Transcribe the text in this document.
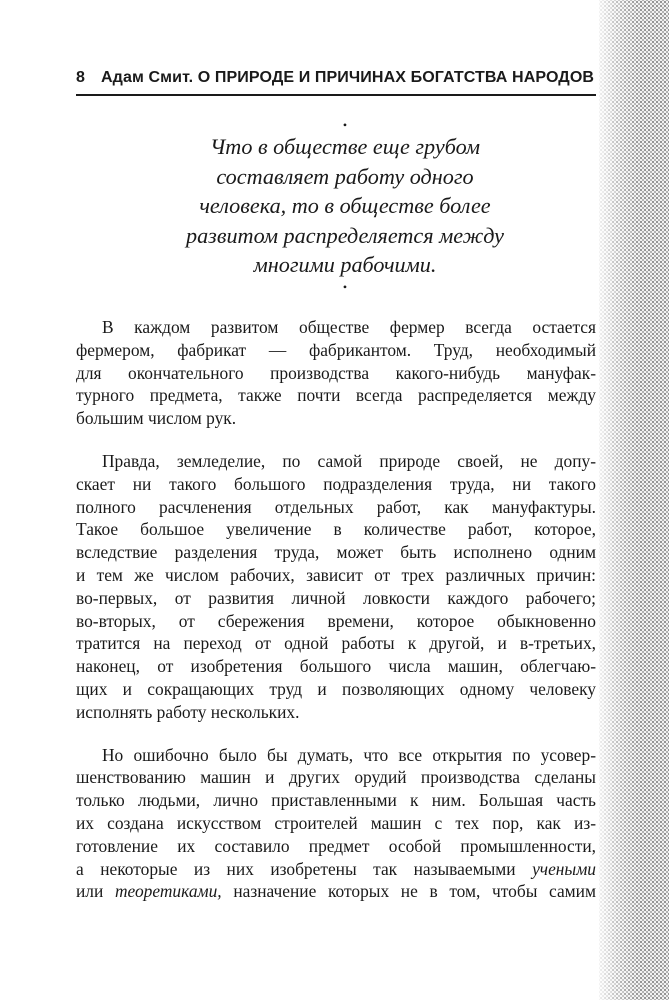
8 Адам Смит. О ПРИРОДЕ И ПРИЧИНАХ БОГАТСТВА НАРОДОВ
•
Что в обществе еще грубом
составляет работу одного
человека, то в обществе более
развитом распределяется между
многими рабочими.
•
В каждом развитом обществе фермер всегда остается
фермером, фабрикат — фабрикантом. Труд, необходимый
для окончательного производства какого-нибудь мануфак-
турного предмета, также почти всегда распределяется между
большим числом рук.
Правда, земледелие, по самой природе своей, не допу-
скает ни такого большого подразделения труда, ни такого
полного расчленения отдельных работ, как мануфактуры.
Такое большое увеличение в количестве работ, которое,
вследствие разделения труда, может быть исполнено одним
и тем же числом рабочих, зависит от трех различных причин:
во-первых, от развития личной ловкости каждого рабочего;
во-вторых, от сбережения времени, которое обыкновенно
тратится на переход от одной работы к другой, и в-третьих,
наконец, от изобретения большого числа машин, облегчаю-
щих и сокращающих труд и позволяющих одному человеку
исполнять работу нескольких.
Но ошибочно было бы думать, что все открытия по усовер-
шенствованию машин и других орудий производства сделаны
только людьми, лично приставленными к ним. Большая часть
их создана искусством строителей машин с тех пор, как из-
готовление их составило предмет особой промышленности,
а некоторые из них изобретены так называемыми учеными
или теоретиками, назначение которых не в том, чтобы самим
